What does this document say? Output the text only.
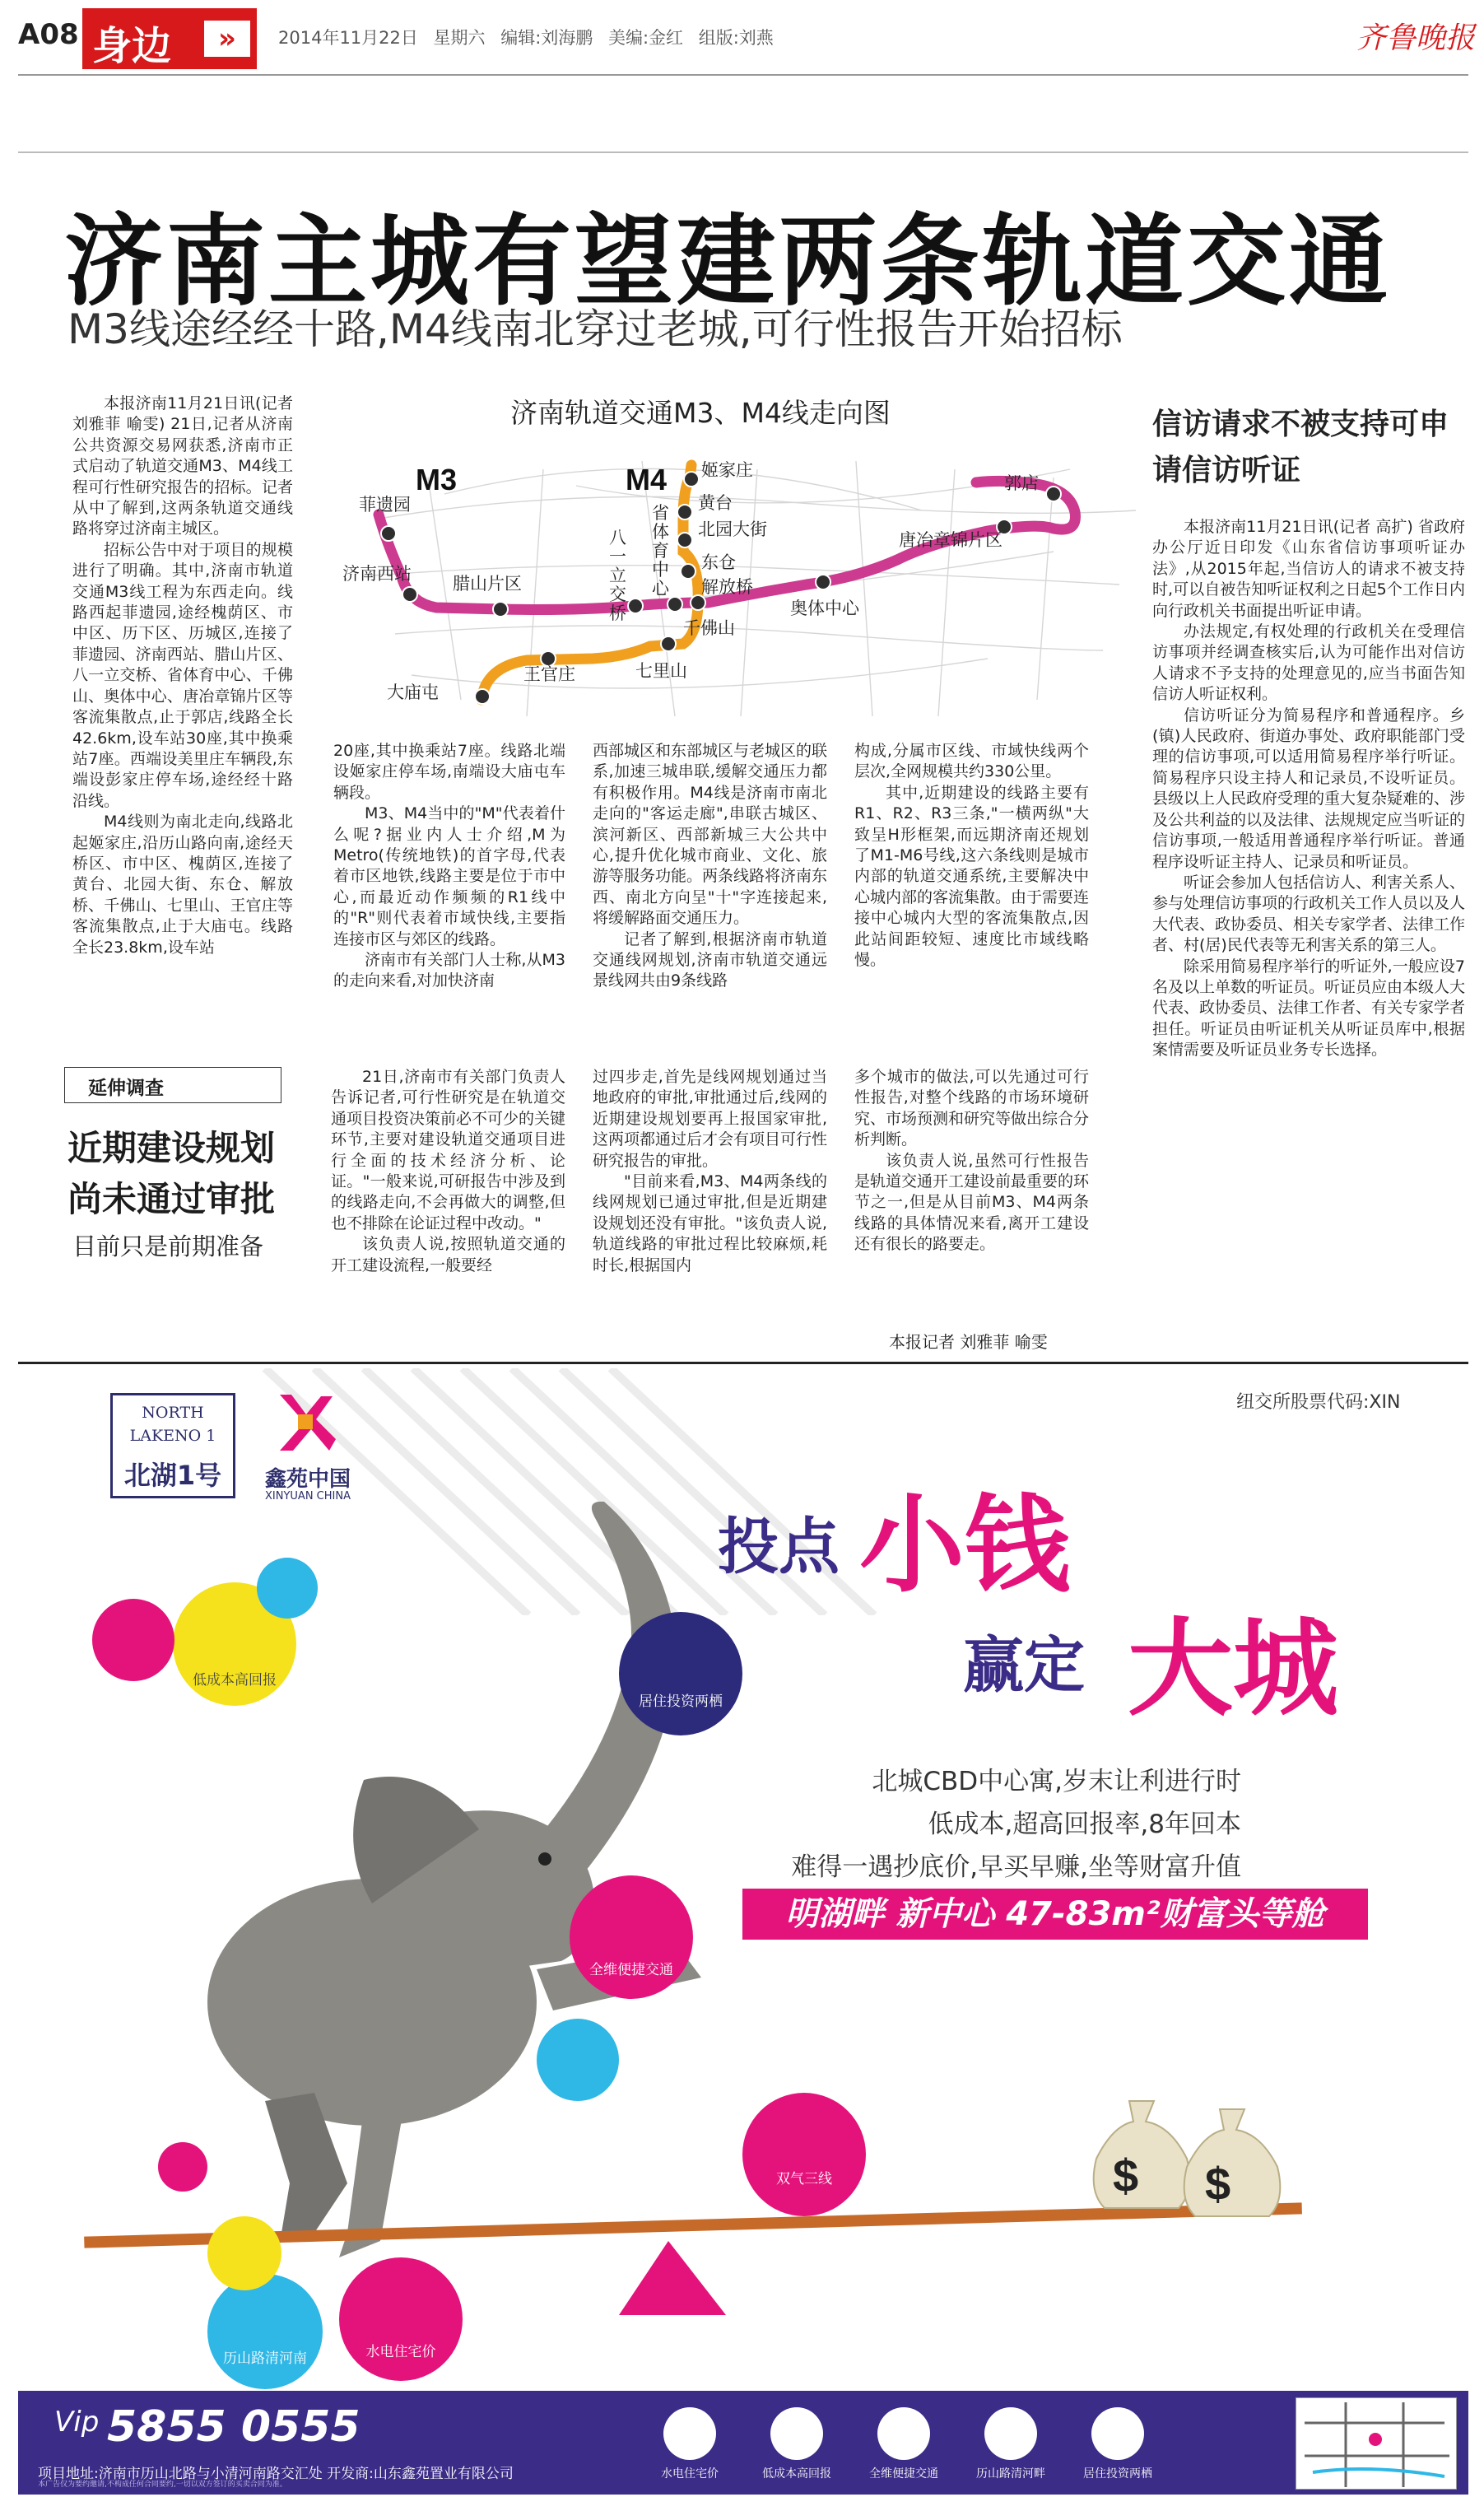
A08 身边	»	2014年11月22日 星期六 编辑:刘海鹏 美编:金红 组版:刘燕	齐鲁晚报
济南主城有望建两条轨道交通
M3线途经经十路,M4线南北穿过老城,可行性报告开始招标

本报济南11月21日讯(记者 刘雅菲 喻雯) 21日,记者从济南公共资源交易网获悉,济南市正式启动了轨道交通M3、M4线工程可行性研究报告的招标。记者从中了解到,这两条轨道交通线路将穿过济南主城区。

招标公告中对于项目的规模进行了明确。其中,济南市轨道交通M3线工程为东西走向。线路西起菲遗园,途经槐荫区、市中区、历下区、历城区,连接了菲遗园、济南西站、腊山片区、八一立交桥、省体育中心、千佛山、奥体中心、唐冶章锦片区等客流集散点,止于郭店,线路全长42.6km,设车站30座,其中换乘站7座。西端设美里庄车辆段,东端设彭家庄停车场,途经经十路沿线。

M4线则为南北走向,线路北起姬家庄,沿历山路向南,途经天桥区、市中区、槐荫区,连接了黄台、北园大街、东仓、解放桥、千佛山、七里山、王官庄等客流集散点,止于大庙屯。线路全长23.8km,设车站

济南轨道交通M3、M4线走向图
M3	M4
菲遗园
济南西站 腊山片区
奥体中心
唐冶章锦片区
郭店
姬家庄
黄台
北园大街
东仓
解放桥
千佛山
七里山
王官庄
大庙屯
八
一
立
交
桥
省
体
育
中
心

20座,其中换乘站7座。线路北端设姬家庄停车场,南端设大庙屯车辆段。

M3、M4当中的"M"代表着什么呢?据业内人士介绍,M为Metro(传统地铁)的首字母,代表着市区地铁,线路主要是位于市中心,而最近动作频频的R1线中的"R"则代表着市域快线,主要指连接市区与郊区的线路。

济南市有关部门人士称,从M3的走向来看,对加快济南

西部城区和东部城区与老城区的联系,加速三城串联,缓解交通压力都有积极作用。M4线是济南市南北走向的"客运走廊",串联古城区、滨河新区、西部新城三大公共中心,提升优化城市商业、文化、旅游等服务功能。两条线路将济南东西、南北方向呈"十"字连接起来,将缓解路面交通压力。

记者了解到,根据济南市轨道交通线网规划,济南市轨道交通远景线网共由9条线路

构成,分属市区线、市域快线两个层次,全网规模共约330公里。

其中,近期建设的线路主要有R1、R2、R3三条,"一横两纵"大致呈H形框架,而远期济南还规划了M1-M6号线,这六条线则是城市内部的轨道交通系统,主要解决中心城内部的客流集散。由于需要连接中心城内大型的客流集散点,因此站间距较短、速度比市域线略慢。

信访请求不被支持可申请信访听证

本报济南11月21日讯(记者 高扩) 省政府办公厅近日印发《山东省信访事项听证办法》,从2015年起,当信访人的请求不被支持时,可以自被告知听证权利之日起5个工作日内向行政机关书面提出听证申请。

办法规定,有权处理的行政机关在受理信访事项并经调查核实后,认为可能作出对信访人请求不予支持的处理意见的,应当书面告知信访人听证权利。

信访听证分为简易程序和普通程序。乡(镇)人民政府、街道办事处、政府职能部门受理的信访事项,可以适用简易程序举行听证。简易程序只设主持人和记录员,不设听证员。县级以上人民政府受理的重大复杂疑难的、涉及公共利益的以及法律、法规规定应当听证的信访事项,一般适用普通程序举行听证。普通程序设听证主持人、记录员和听证员。

听证会参加人包括信访人、利害关系人、参与处理信访事项的行政机关工作人员以及人大代表、政协委员、相关专家学者、法律工作者、村(居)民代表等无利害关系的第三人。

除采用简易程序举行的听证外,一般应设7名及以上单数的听证员。听证员应由本级人大代表、政协委员、法律工作者、有关专家学者担任。听证员由听证机关从听证员库中,根据案情需要及听证员业务专长选择。

延伸调查
近期建设规划尚未通过审批
目前只是前期准备

21日,济南市有关部门负责人告诉记者,可行性研究是在轨道交通项目投资决策前必不可少的关键环节,主要对建设轨道交通项目进行全面的技术经济分析、论证。"一般来说,可研报告中涉及到的线路走向,不会再做大的调整,但也不排除在论证过程中改动。"

该负责人说,按照轨道交通的开工建设流程,一般要经

过四步走,首先是线网规划通过当地政府的审批,审批通过后,线网的近期建设规划要再上报国家审批,这两项都通过后才会有项目可行性研究报告的审批。

"目前来看,M3、M4两条线的线网规划已通过审批,但是近期建设规划还没有审批。"该负责人说,轨道线路的审批过程比较麻烦,耗时长,根据国内

多个城市的做法,可以先通过可行性报告,对整个线路的市场环境研究、市场预测和研究等做出综合分析判断。

该负责人说,虽然可行性报告是轨道交通开工建设前最重要的环节之一,但是从目前M3、M4两条线路的具体情况来看,离开工建设还有很长的路要走。

本报记者 刘雅菲 喻雯
纽交所股票代码:XIN
NORTH
LAKENO 1
北湖1号	鑫苑中国
XINYUAN CHINA
投点 小钱
赢定 大城
北城CBD中心寓,岁末让利进行时
低成本,超高回报率,8年回本
难得一遇抄底价,早买早赚,坐等财富升值
明湖畔 新中心 47-83m²财富头等舱
$ $
低成本高回报
居住投资两栖
全维便捷交通
双气三线
历山路清河南	水电住宅价
Vip 5855 0555
项目地址:济南市历山北路与小清河南路交汇处 开发商:山东鑫苑置业有限公司
本广告仅为要约邀请,不构成任何合同要约,一切以双方签订的买卖合同为准。
水电住宅价	低成本高回报	全维便捷交通	历山路清河畔	居住投资两栖
